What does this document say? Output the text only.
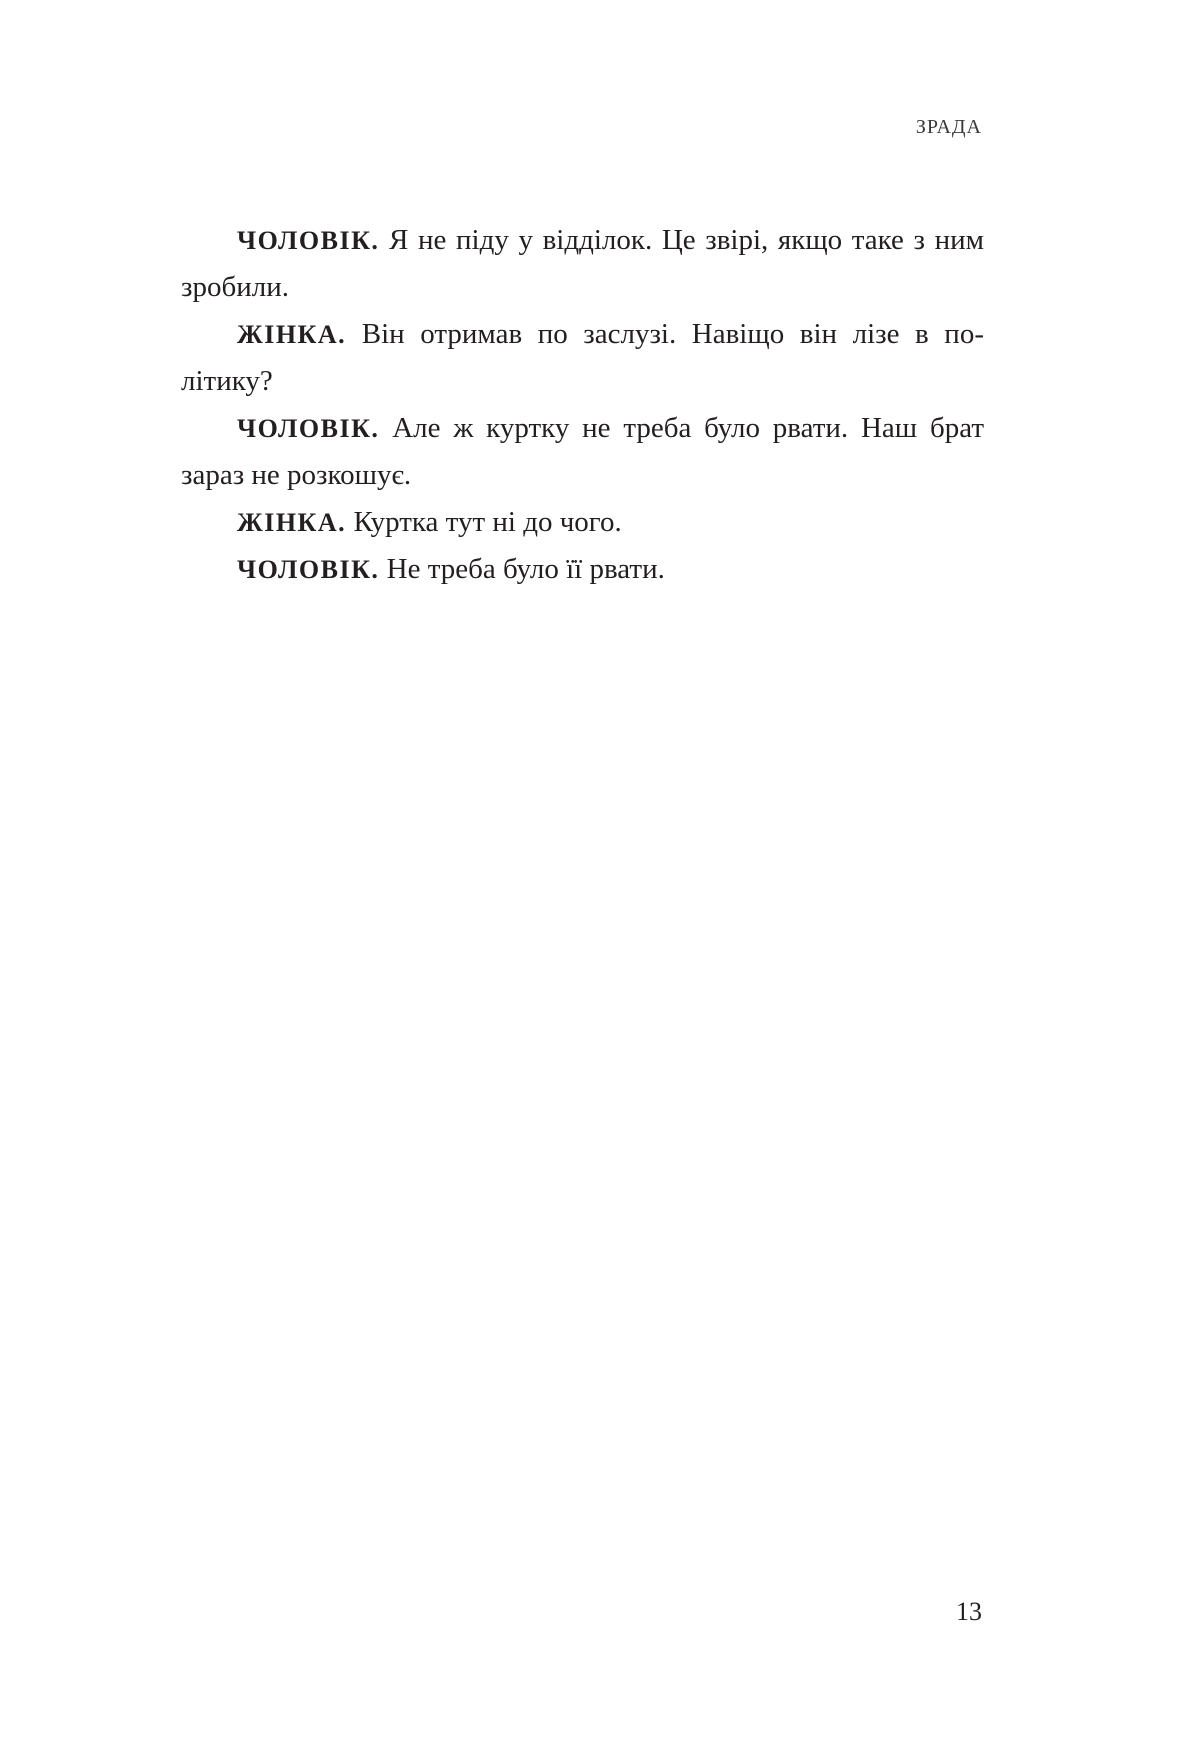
ЗРАДА

ЧОЛОВІК. Я не піду у відділок. Це звірі, якщо таке з ним зробили.

ЖІНКА. Він отримав по заслузі. Навіщо він лізе в політику?

ЧОЛОВІК. Але ж куртку не треба було рвати. Наш брат зараз не розкошує.

ЖІНКА. Куртка тут ні до чого.

ЧОЛОВІК. Не треба було її рвати.

13
